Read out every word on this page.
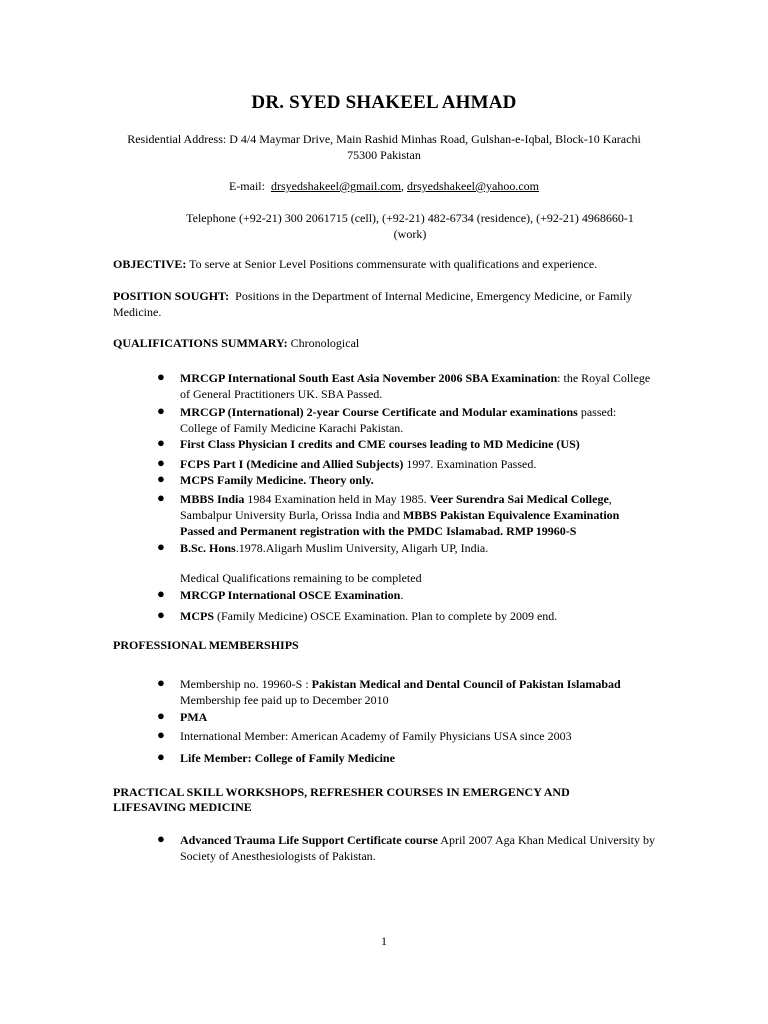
DR. SYED SHAKEEL AHMAD
Residential Address: D 4/4 Maymar Drive, Main Rashid Minhas Road, Gulshan-e-Iqbal, Block-10 Karachi
75300 Pakistan
E-mail: drsyedshakeel@gmail.com, drsyedshakeel@yahoo.com
Telephone (+92-21) 300 2061715 (cell), (+92-21) 482-6734 (residence), (+92-21) 4968660-1
(work)
OBJECTIVE: To serve at Senior Level Positions commensurate with qualifications and experience.
POSITION SOUGHT: Positions in the Department of Internal Medicine, Emergency Medicine, or Family Medicine.
QUALIFICATIONS SUMMARY: Chronological
● MRCGP International South East Asia November 2006 SBA Examination: the Royal College of General Practitioners UK. SBA Passed.
● MRCGP (International) 2-year Course Certificate and Modular examinations passed: College of Family Medicine Karachi Pakistan.
● First Class Physician I credits and CME courses leading to MD Medicine (US)
● FCPS Part I (Medicine and Allied Subjects) 1997. Examination Passed.
● MCPS Family Medicine. Theory only.
● MBBS India 1984 Examination held in May 1985. Veer Surendra Sai Medical College, Sambalpur University Burla, Orissa India and MBBS Pakistan Equivalence Examination Passed and Permanent registration with the PMDC Islamabad. RMP 19960-S
● B.Sc. Hons.1978.Aligarh Muslim University, Aligarh UP, India.
Medical Qualifications remaining to be completed
● MRCGP International OSCE Examination.
● MCPS (Family Medicine) OSCE Examination. Plan to complete by 2009 end.
PROFESSIONAL MEMBERSHIPS
● Membership no. 19960-S : Pakistan Medical and Dental Council of Pakistan Islamabad
Membership fee paid up to December 2010
● PMA
● International Member: American Academy of Family Physicians USA since 2003
● Life Member: College of Family Medicine
PRACTICAL SKILL WORKSHOPS, REFRESHER COURSES IN EMERGENCY AND
LIFESAVING MEDICINE
● Advanced Trauma Life Support Certificate course April 2007 Aga Khan Medical University by Society of Anesthesiologists of Pakistan.
1
